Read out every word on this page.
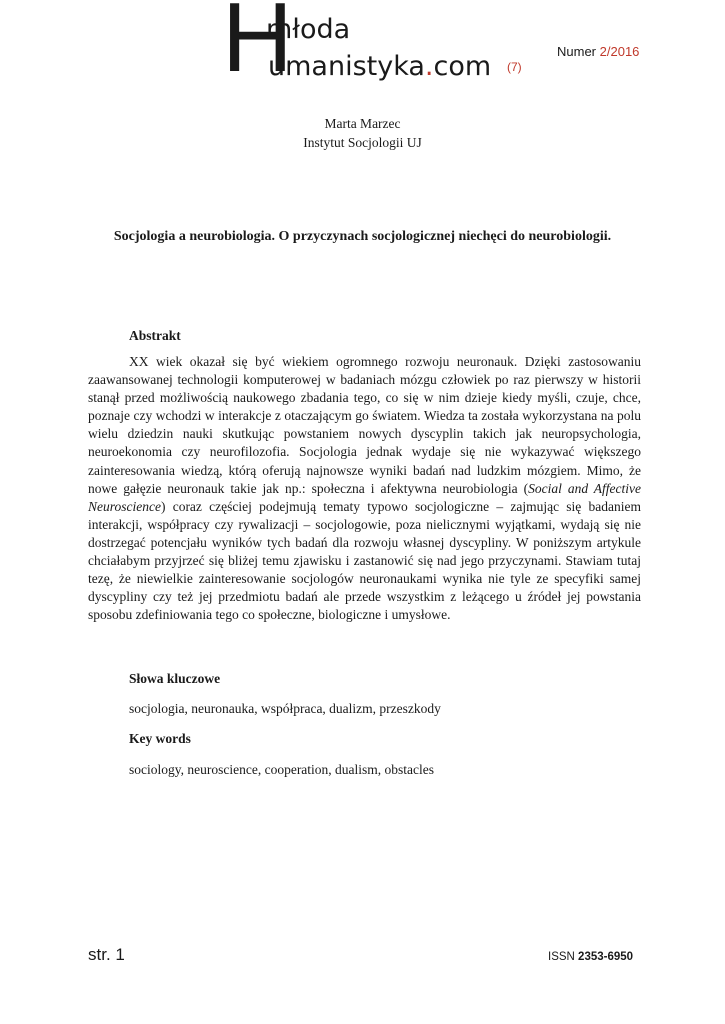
H
młoda
umanistyka.com (7)
Numer 2/2016
Marta Marzec
Instytut Socjologii UJ
Socjologia a neurobiologia. O przyczynach socjologicznej niechęci do neurobiologii.
Abstrakt

XX wiek okazał się być wiekiem ogromnego rozwoju neuronauk. Dzięki zastosowaniu zaawansowanej technologii komputerowej w badaniach mózgu człowiek po raz pierwszy w historii stanął przed możliwością naukowego zbadania tego, co się w nim dzieje kiedy myśli, czuje, chce, poznaje czy wchodzi w interakcje z otaczającym go światem. Wiedza ta została wykorzystana na polu wielu dziedzin nauki skutkując powstaniem nowych dyscyplin takich jak neuropsychologia, neuroekonomia czy neurofilozofia. Socjologia jednak wydaje się nie wykazywać większego zainteresowania wiedzą, którą oferują najnowsze wyniki badań nad ludzkim mózgiem. Mimo, że nowe gałęzie neuronauk takie jak np.: społeczna i afektywna neurobiologia (Social and Affective Neuroscience) coraz częściej podejmują tematy typowo socjologiczne – zajmując się badaniem interakcji, współpracy czy rywalizacji – socjologowie, poza nielicznymi wyjątkami, wydają się nie dostrzegać potencjału wyników tych badań dla rozwoju własnej dyscypliny. W poniższym artykule chciałabym przyjrzeć się bliżej temu zjawisku i zastanowić się nad jego przyczynami. Stawiam tutaj tezę, że niewielkie zainteresowanie socjologów neuronaukami wynika nie tyle ze specyfiki samej dyscypliny czy też jej przedmiotu badań ale przede wszystkim z leżącego u źródeł jej powstania sposobu zdefiniowania tego co społeczne, biologiczne i umysłowe.

Słowa kluczowe
socjologia, neuronauka, współpraca, dualizm, przeszkody
Key words
sociology, neuroscience, cooperation, dualism, obstacles
str. 1	ISSN 2353-6950
